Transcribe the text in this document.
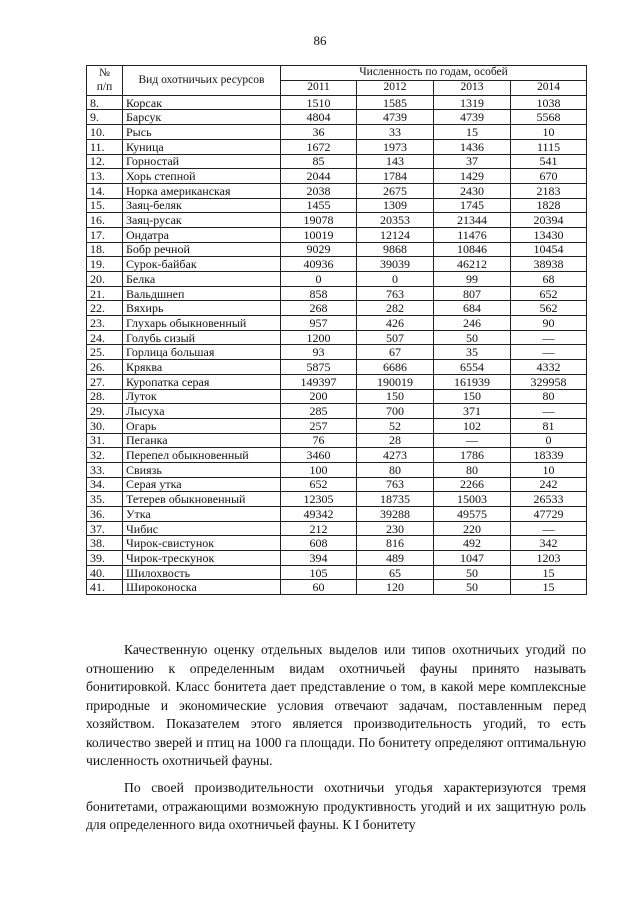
86
№
п/п	Вид охотничьих ресурсов	Численность по годам, особей			
		2011	2012	2013	2014
8.	Корсак	1510	1585	1319	1038
9.	Барсук	4804	4739	4739	5568
10.	Рысь	36	33	15	10
11.	Куница	1672	1973	1436	1115
12.	Горностай	85	143	37	541
13.	Хорь степной	2044	1784	1429	670
14.	Норка американская	2038	2675	2430	2183
15.	Заяц-беляк	1455	1309	1745	1828
16.	Заяц-русак	19078	20353	21344	20394
17.	Ондатра	10019	12124	11476	13430
18.	Бобр речной	9029	9868	10846	10454
19.	Сурок-байбак	40936	39039	46212	38938
20.	Белка	0	0	99	68
21.	Вальдшнеп	858	763	807	652
22.	Вяхирь	268	282	684	562
23.	Глухарь обыкновенный	957	426	246	90
24.	Голубь сизый	1200	507	50	—
25.	Горлица большая	93	67	35	—
26.	Кряква	5875	6686	6554	4332
27.	Куропатка серая	149397	190019	161939	329958
28.	Луток	200	150	150	80
29.	Лысуха	285	700	371	—
30.	Огарь	257	52	102	81
31.	Пеганка	76	28	—	0
32.	Перепел обыкновенный	3460	4273	1786	18339
33.	Свиязь	100	80	80	10
34.	Серая утка	652	763	2266	242
35.	Тетерев обыкновенный	12305	18735	15003	26533
36.	Утка	49342	39288	49575	47729
37.	Чибис	212	230	220	—
38.	Чирок-свистунок	608	816	492	342
39.	Чирок-трескунок	394	489	1047	1203
40.	Шилохвость	105	65	50	15
41.	Широконоска	60	120	50	15

Качественную оценку отдельных выделов или типов охотничьих угодий по отношению к определенным видам охотничьей фауны принято называть бонитировкой. Класс бонитета дает представление о том, в какой мере комплексные природные и экономические условия отвечают задачам, поставленным перед хозяйством. Показателем этого является производительность угодий, то есть количество зверей и птиц на 1000 га площади. По бонитету определяют оптимальную численность охотничьей фауны.

По своей производительности охотничьи угодья характеризуются тремя бонитетами, отражающими возможную продуктивность угодий и их защитную роль для определенного вида охотничьей фауны. К I бонитету
